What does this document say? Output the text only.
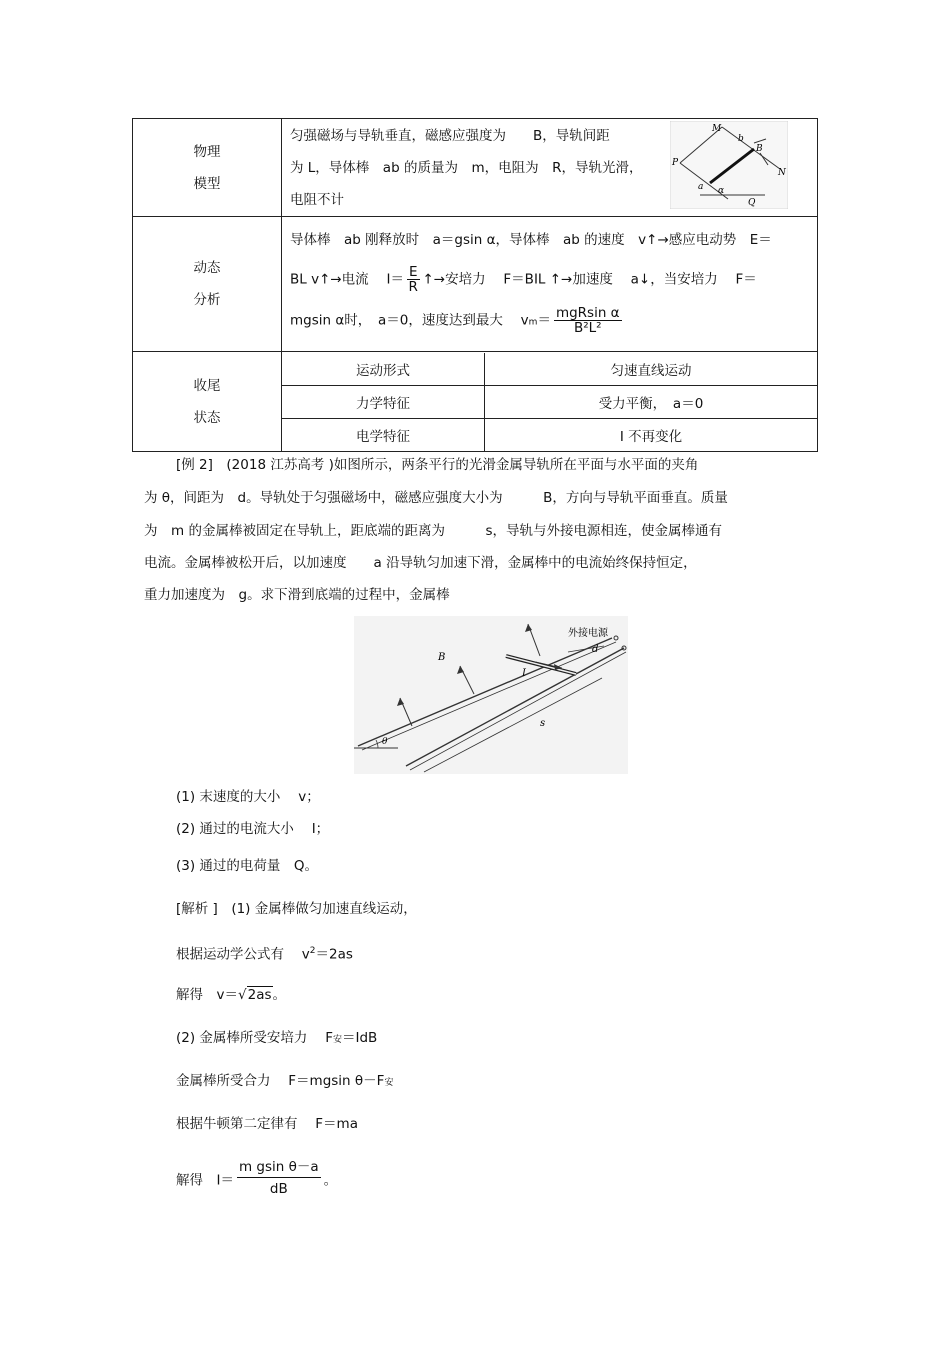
物理
模型

匀强磁场与导轨垂直，磁感应强度为　　B，导轨间距
为 L，导体棒　ab 的质量为　m，电阻为　R，导轨光滑，
电阻不计
M
b
B
P
N
a α
Q

动态
分析

导体棒　ab 刚释放时　a＝gsin α，导体棒　ab 的速度　v↑→感应电动势　E＝
BL v↑→电流　 $I= \frac{E}{R}$ ↑→安培力　 F＝BIL ↑→加速度　 a↓，当安培力　 F＝
mgsin α时，　a＝0，速度达到最大　 $vm= \frac{\text{mgRsin α}}{\text{B²L²}}$

收尾
状态

运动形式	匀速直线运动
力学特征	受力平衡，　a＝0
电学特征	I 不再变化
[例 2]　(2018 江苏高考 )如图所示，两条平行的光滑金属导轨所在平面与水平面的夹角
为 θ，间距为　d。导轨处于匀强磁场中，磁感应强度大小为　　　B，方向与导轨平面垂直。质量
为　m 的金属棒被固定在导轨上，距底端的距离为　　　s，导轨与外接电源相连，使金属棒通有
电流。金属棒被松开后，以加速度　　a 沿导轨匀加速下滑，金属棒中的电流始终保持恒定，
重力加速度为　g。求下滑到底端的过程中，金属棒
B
外接电源
d
I
s
θ
(1) 末速度的大小　 v；
(2) 通过的电流大小　 I；
(3) 通过的电荷量　Q。
[解析 ]　(1) 金属棒做匀加速直线运动，
根据运动学公式有　 $v^2=2as$
解得　v＝√2as。
(2) 金属棒所受安培力　 F安＝IdB
金属棒所受合力　 F＝mgsin θ－F安
根据牛顿第二定律有　 F＝ma
解得　$I= \frac{\text{m gsin θ－a}}{dB}$ 。
